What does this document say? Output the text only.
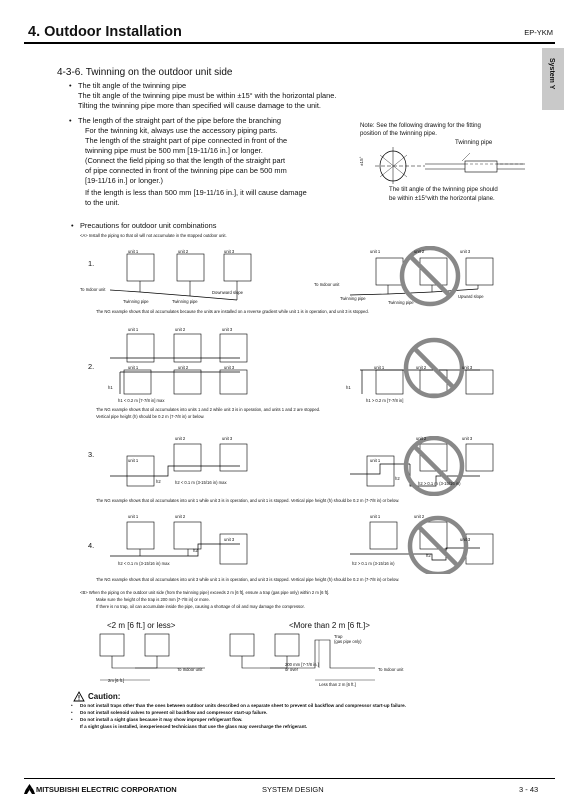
4. Outdoor Installation	EP-YKM
System Y
4-3-6. Twinning on the outdoor unit side
• The tilt angle of the twinning pipe
The tilt angle of the twinning pipe must be within ±15° with the horizontal plane.
Tilting the twinning pipe more than specified will cause damage to the unit.
• The length of the straight part of the pipe before the branching
For the twinning kit, always use the accessory piping parts.
The length of the straight part of pipe connected in front of the
twinning pipe must be 500 mm [19-11/16 in.] or longer.
(Connect the field piping so that the length of the straight part
of pipe connected in front of the twinning pipe can be 500 mm
[19-11/16 in.] or longer.)
If the length is less than 500 mm [19-11/16 in.], it will cause damage
to the unit.
Note: See the following drawing for the fitting
position of the twinning pipe.
Twinning pipe
±15°
The tilt angle of the twinning pipe should
be within ±15°with the horizontal plane.
• Precautions for outdoor unit combinations
<A> Install the piping so that oil will not accumulate in the stopped outdoor unit.
1.
unit 1	unit 2	unit 3
To Indoor unit
Downward slope
Twinning pipe	Twinning pipe
unit 1	unit 2	unit 3
To Indoor unit
Upward slope
Twinning pipe
Twinning pipe
The NG example shows that oil accumulates because the units are installed on a reverse gradient while unit 1 is in operation, and unit 3 is stopped.
2.
unit 1	unit 2	unit 3
unit 1	unit 2	unit 3
h1
h1 < 0.2 m [7-7/8 in] max
unit 1	unit 2	unit 3
h1
h1 > 0.2 m [7-7/8 in]
The NG example shows that oil accumulates into units 1 and 2 while unit 3 is in operation, and units 1 and 2 are stopped.
Vertical pipe height (h) should be 0.2 m (7-7/8 in) or below.
3.
unit 2	unit 3
unit 1
h2	h2 < 0.1 m (3-15/16 in) max
unit 2	unit 3
unit 1
h2
h2 > 0.1 m (3-15/16 in)
The NG example shows that oil accumulates into unit 1 while unit 3 is in operation, and unit 1 is stopped. Vertical pipe height (h) should be 0.2 m (7-7/8 in) or below.
4.
unit 1	unit 2
unit 3
h2
h2 < 0.1 m (3-15/16 in) max
unit 1	unit 2
unit 3
h2
h2 > 0.1 m (3-15/16 in)
The NG example shows that oil accumulates into unit 3 while unit 1 is in operation, and unit 3 is stopped. Vertical pipe height (h) should be 0.2 m (7-7/8 in) or below.
<B> When the piping on the outdoor unit side (from the twinning pipe) exceeds 2 m [6 ft], ensure a trap (gas pipe only) within 2 m [6 ft].
Make sure the height of the trap is 200 mm [7-7/8 in] or more.
If there is no trap, oil can accumulate inside the pipe, causing a shortage of oil and may damage the compressor.
<2 m [6 ft.] or less>	<More than 2 m [6 ft.]>
To Indoor unit
2m [6 ft.]
Trap
(gas pipe only)
200 mm [7-7/8 in.]
or over	To Indoor unit
Less than 2 m [6 ft.]
Caution:
• Do not install traps other than the ones between outdoor units described on a separate sheet to prevent oil backflow and compressor start-up failure.
• Do not install solenoid valves to prevent oil backflow and compressor start-up failure.
• Do not install a sight glass because it may show improper refrigerant flow.
If a sight glass is installed, inexperienced technicians that use the glass may overcharge the refrigerant.
MITSUBISHI ELECTRIC CORPORATION	SYSTEM DESIGN	3 - 43
